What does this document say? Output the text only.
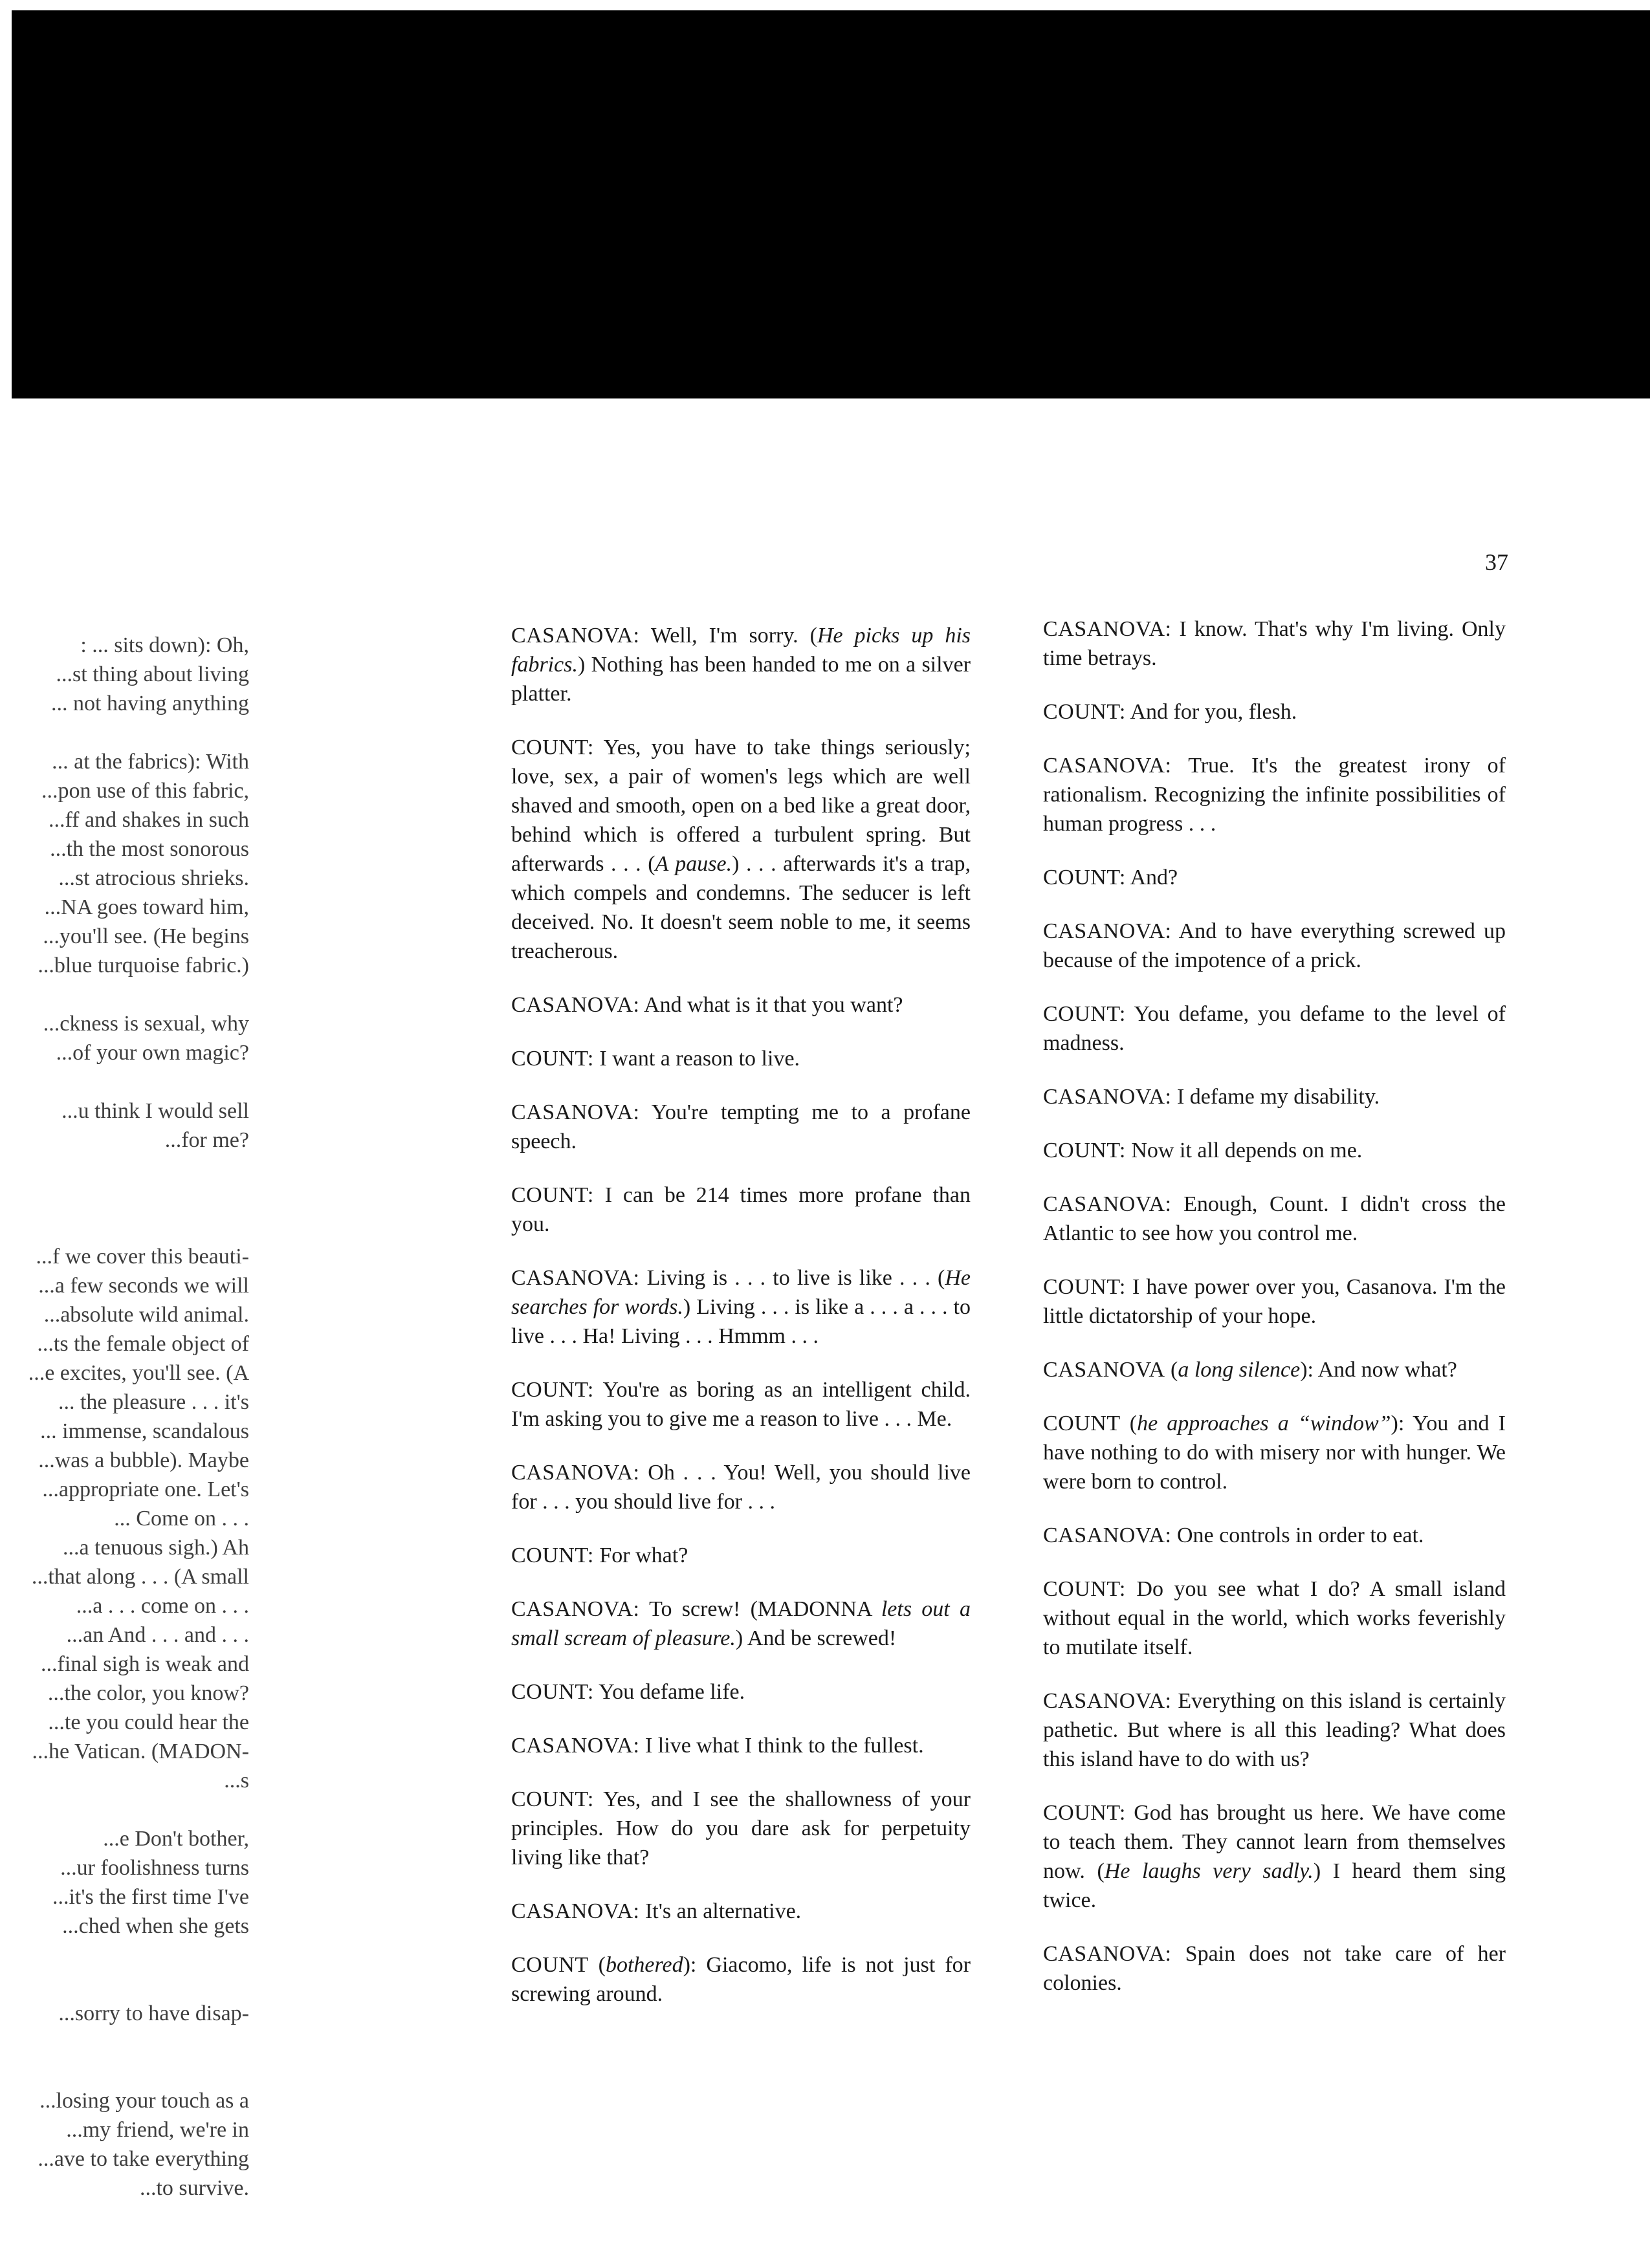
37
: ... sits down): Oh,
...st thing about living
... not having anything
... at the fabrics): With
...pon use of this fabric,
...ff and shakes in such
...th the most sonorous
...st atrocious shrieks.
...NA goes toward him,
...you'll see. (He begins
...blue turquoise fabric.)
...ckness is sexual, why
...of your own magic?
...u think I would sell
...for me?
...f we cover this beauti-
...a few seconds we will
...absolute wild animal.
...ts the female object of
...e excites, you'll see. (A
... the pleasure . . . it's
... immense, scandalous
...was a bubble). Maybe
...appropriate one. Let's
... Come on . . .
...a tenuous sigh.) Ah
...that along . . . (A small
...a . . . come on . . .
...an And . . . and . . .
...final sigh is weak and
...the color, you know?
...te you could hear the
...he Vatican. (MADON-
...s
...e Don't bother,
...ur foolishness turns
...it's the first time I've
...ched when she gets
...sorry to have disap-
...losing your touch as a
...my friend, we're in
...ave to take everything
...to survive.

CASANOVA: Well, I'm sorry. (He picks up his fabrics.) Nothing has been handed to me on a silver platter.

COUNT: Yes, you have to take things seriously; love, sex, a pair of women's legs which are well shaved and smooth, open on a bed like a great door, behind which is offered a turbulent spring. But afterwards . . . (A pause.) . . . afterwards it's a trap, which compels and condemns. The seducer is left deceived. No. It doesn't seem noble to me, it seems treacherous.

CASANOVA: And what is it that you want?

COUNT: I want a reason to live.

CASANOVA: You're tempting me to a profane speech.

COUNT: I can be 214 times more profane than you.

CASANOVA: Living is . . . to live is like . . . (He searches for words.) Living . . . is like a . . . a . . . to live . . . Ha! Living . . . Hmmm . . .

COUNT: You're as boring as an intelligent child. I'm asking you to give me a reason to live . . . Me.

CASANOVA: Oh . . . You! Well, you should live for . . . you should live for . . .

COUNT: For what?

CASANOVA: To screw! (MADONNA lets out a small scream of pleasure.) And be screwed!

COUNT: You defame life.

CASANOVA: I live what I think to the fullest.

COUNT: Yes, and I see the shallowness of your principles. How do you dare ask for perpetuity living like that?

CASANOVA: It's an alternative.

COUNT (bothered): Giacomo, life is not just for screwing around.

CASANOVA: I know. That's why I'm living. Only time betrays.

COUNT: And for you, flesh.

CASANOVA: True. It's the greatest irony of rationalism. Recognizing the infinite possibilities of human progress . . .

COUNT: And?

CASANOVA: And to have everything screwed up because of the impotence of a prick.

COUNT: You defame, you defame to the level of madness.

CASANOVA: I defame my disability.

COUNT: Now it all depends on me.

CASANOVA: Enough, Count. I didn't cross the Atlantic to see how you control me.

COUNT: I have power over you, Casanova. I'm the little dictatorship of your hope.

CASANOVA (a long silence): And now what?

COUNT (he approaches a “window”): You and I have nothing to do with misery nor with hunger. We were born to control.

CASANOVA: One controls in order to eat.

COUNT: Do you see what I do? A small island without equal in the world, which works feverishly to mutilate itself.

CASANOVA: Everything on this island is certainly pathetic. But where is all this leading? What does this island have to do with us?

COUNT: God has brought us here. We have come to teach them. They cannot learn from themselves now. (He laughs very sadly.) I heard them sing twice.

CASANOVA: Spain does not take care of her colonies.
